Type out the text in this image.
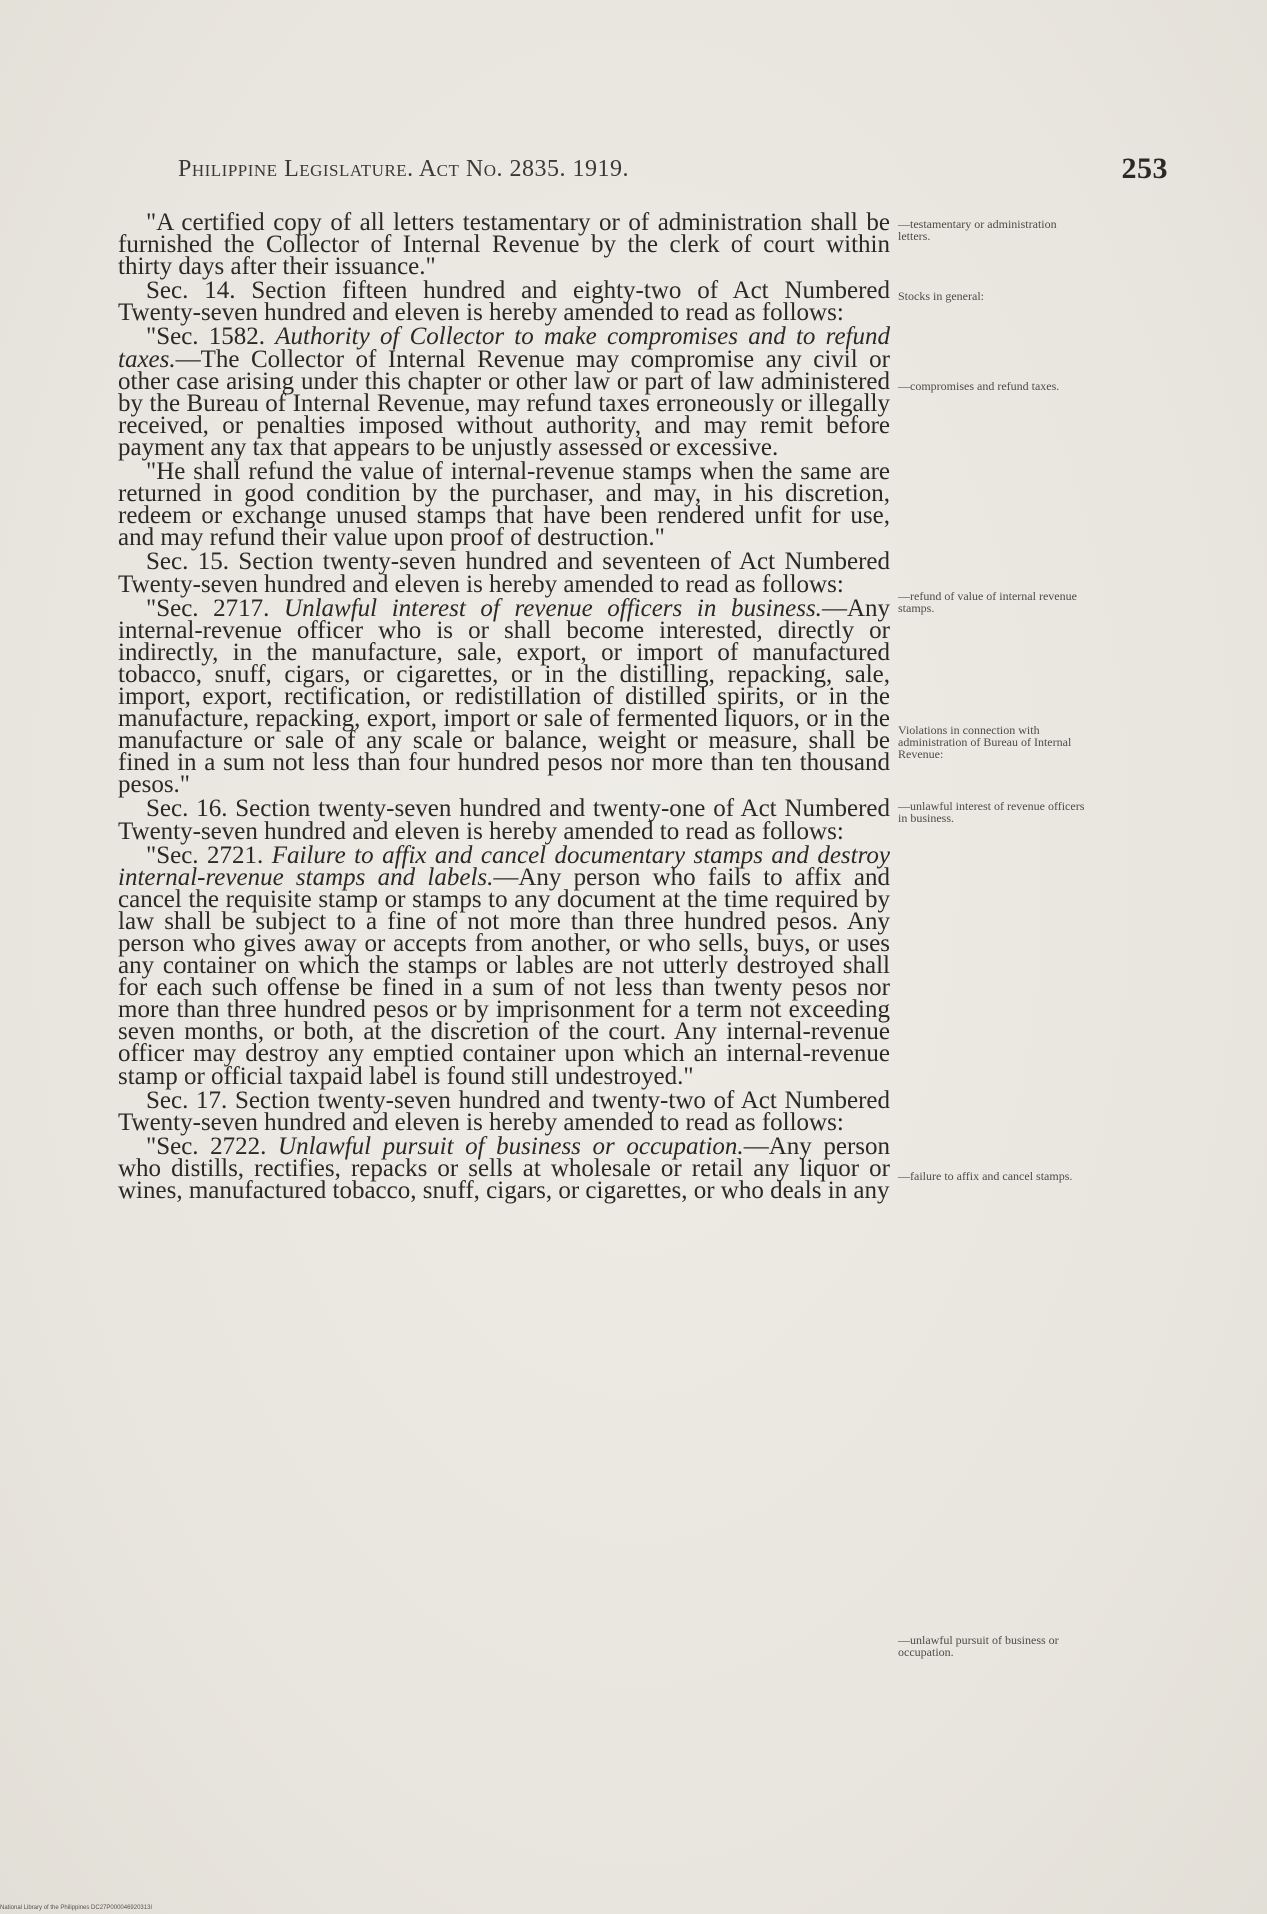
Philippine Legislature. Act No. 2835. 1919.	253

"A certified copy of all letters testamentary or of administration shall be furnished the Collector of Internal Revenue by the clerk of court within thirty days after their issuance."

Sec. 14. Section fifteen hundred and eighty-two of Act Numbered Twenty-seven hundred and eleven is hereby amended to read as follows:

"Sec. 1582. Authority of Collector to make compromises and to refund taxes.—The Collector of Internal Revenue may compromise any civil or other case arising under this chapter or other law or part of law administered by the Bureau of Internal Revenue, may refund taxes erroneously or illegally received, or penalties imposed without authority, and may remit before payment any tax that appears to be unjustly assessed or excessive.

"He shall refund the value of internal-revenue stamps when the same are returned in good condition by the purchaser, and may, in his discretion, redeem or exchange unused stamps that have been rendered unfit for use, and may refund their value upon proof of destruction."

Sec. 15. Section twenty-seven hundred and seventeen of Act Numbered Twenty-seven hundred and eleven is hereby amended to read as follows:

"Sec. 2717. Unlawful interest of revenue officers in business.—Any internal-revenue officer who is or shall become interested, directly or indirectly, in the manufacture, sale, export, or import of manufactured tobacco, snuff, cigars, or cigarettes, or in the distilling, repacking, sale, import, export, rectification, or redistillation of distilled spirits, or in the manufacture, repacking, export, import or sale of fermented liquors, or in the manufacture or sale of any scale or balance, weight or measure, shall be fined in a sum not less than four hundred pesos nor more than ten thousand pesos."

Sec. 16. Section twenty-seven hundred and twenty-one of Act Numbered Twenty-seven hundred and eleven is hereby amended to read as follows:

"Sec. 2721. Failure to affix and cancel documentary stamps and destroy internal-revenue stamps and labels.—Any person who fails to affix and cancel the requisite stamp or stamps to any document at the time required by law shall be subject to a fine of not more than three hundred pesos. Any person who gives away or accepts from another, or who sells, buys, or uses any container on which the stamps or lables are not utterly destroyed shall for each such offense be fined in a sum of not less than twenty pesos nor more than three hundred pesos or by imprisonment for a term not exceeding seven months, or both, at the discretion of the court. Any internal-revenue officer may destroy any emptied container upon which an internal-revenue stamp or official taxpaid label is found still undestroyed."

Sec. 17. Section twenty-seven hundred and twenty-two of Act Numbered Twenty-seven hundred and eleven is hereby amended to read as follows:

"Sec. 2722. Unlawful pursuit of business or occupation.—Any person who distills, rectifies, repacks or sells at wholesale or retail any liquor or wines, manufactured tobacco, snuff, cigars, or cigarettes, or who deals in any

—testamentary or administration letters.
Stocks in general:
—compromises and refund taxes.
—refund of value of internal revenue stamps.
Violations in connection with administration of Bureau of Internal Revenue:
—unlawful interest of revenue officers in business.
—failure to affix and cancel stamps.
—unlawful pursuit of business or occupation.
National Library of the Philippines DC27P000046920313I
